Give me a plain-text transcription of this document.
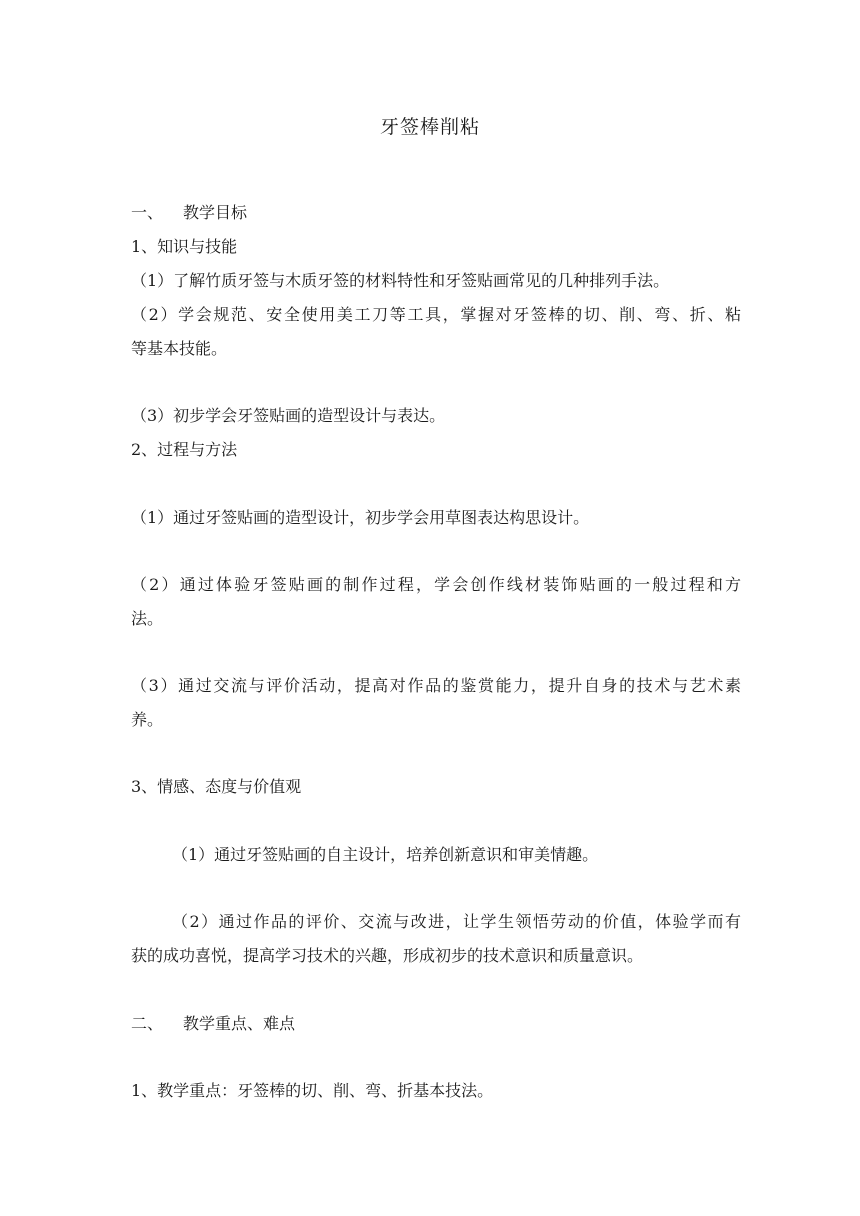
牙签棒削粘
一、 教学目标
1、知识与技能
（1）了解竹质牙签与木质牙签的材料特性和牙签贴画常见的几种排列手法。
（2）学会规范、安全使用美工刀等工具，掌握对牙签棒的切、削、弯、折、粘
等基本技能。
（3）初步学会牙签贴画的造型设计与表达。
2、过程与方法
（1）通过牙签贴画的造型设计，初步学会用草图表达构思设计。
（2）通过体验牙签贴画的制作过程，学会创作线材装饰贴画的一般过程和方
法。
（3）通过交流与评价活动，提高对作品的鉴赏能力，提升自身的技术与艺术素
养。
3、情感、态度与价值观
（1）通过牙签贴画的自主设计，培养创新意识和审美情趣。
（2）通过作品的评价、交流与改进，让学生领悟劳动的价值，体验学而有
获的成功喜悦，提高学习技术的兴趣，形成初步的技术意识和质量意识。
二、 教学重点、难点
1、教学重点：牙签棒的切、削、弯、折基本技法。
